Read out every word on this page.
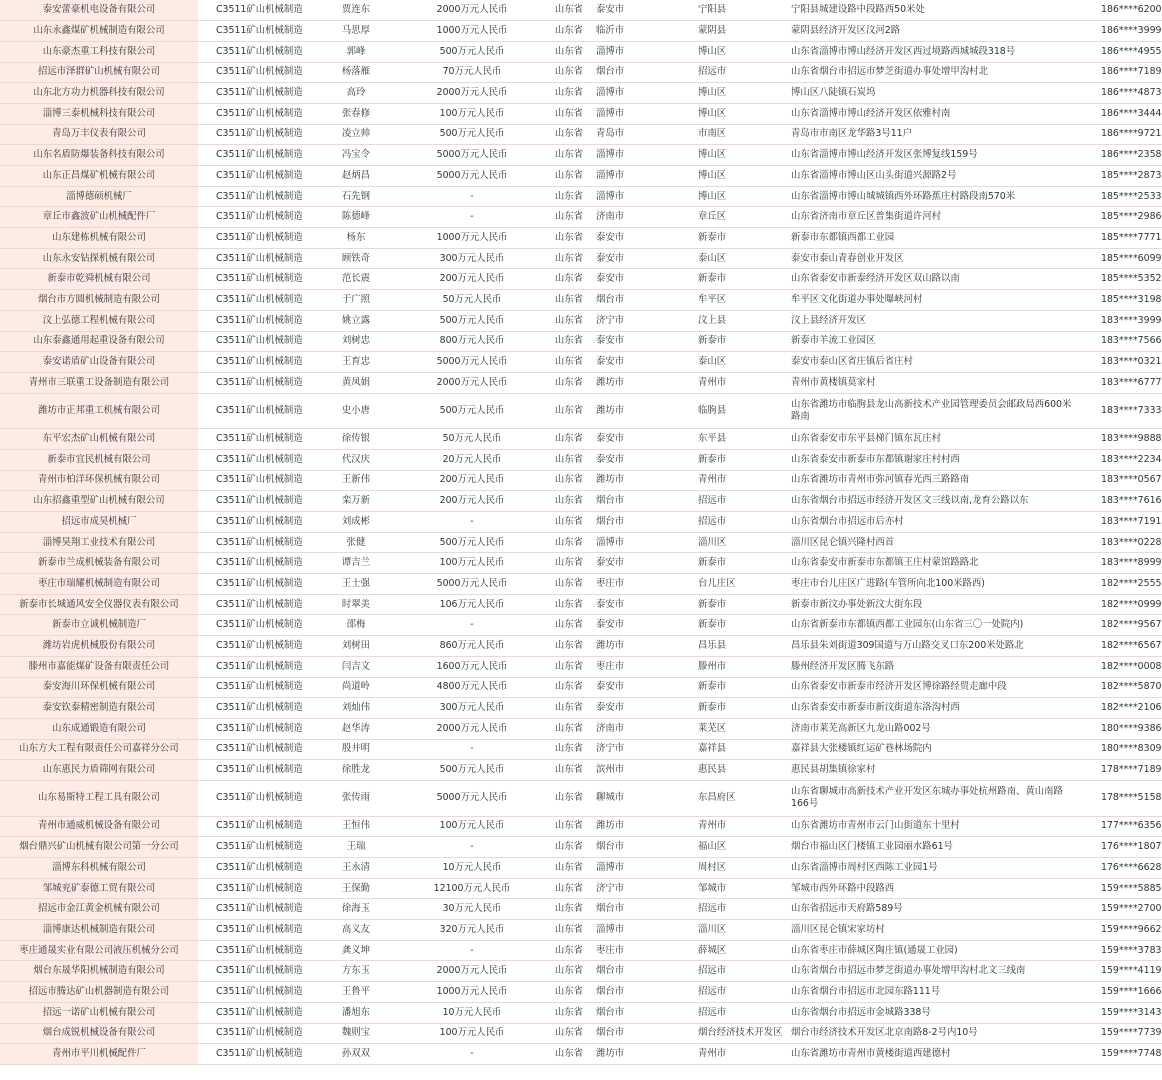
泰安蕾豪机电设备有限公司	C3511矿山机械制造	贾连东	2000万元人民币	山东省	泰安市	宁阳县	宁阳县城建设路中段路西50米处	186****6200
山东永鑫煤矿机械制造有限公司	C3511矿山机械制造	马思厚	1000万元人民币	山东省	临沂市	蒙阴县	蒙阴县经济开发区汶河2路	186****3999
山东豪杰重工科技有限公司	C3511矿山机械制造	郭峰	500万元人民币	山东省	淄博市	博山区	山东省淄博市博山经济开发区西过境路西城城段318号	186****4955
招远市泽群矿山机械有限公司	C3511矿山机械制造	杨落雁	70万元人民币	山东省	烟台市	招远市	山东省烟台市招远市梦芝街道办事处增甲沟村北	186****7189
山东北方功力机器科技有限公司	C3511矿山机械制造	高玲	2000万元人民币	山东省	淄博市	博山区	博山区八陡镇石炭坞	186****4873
淄博三泰机械科技有限公司	C3511矿山机械制造	张春修	100万元人民币	山东省	淄博市	博山区	山东省淄博市博山经济开发区依雅村南	186****3444
青岛万丰仪表有限公司	C3511矿山机械制造	凌立帅	500万元人民币	山东省	青岛市	市南区	青岛市市南区龙华路3号11户	186****9721
山东名盾防爆装备科技有限公司	C3511矿山机械制造	冯宝令	5000万元人民币	山东省	淄博市	博山区	山东省淄博市博山经济开发区张博复线159号	186****2358
山东正昌煤矿机械有限公司	C3511矿山机械制造	赵炳昌	5000万元人民币	山东省	淄博市	博山区	山东省淄博市博山区山头街道兴源路2号	185****2873
淄博德硕机械厂	C3511矿山机械制造	石先钢	-	山东省	淄博市	博山区	山东省淄博市博山城城镇西外环路蕉庄村路段南570米	185****2533
章丘市鑫波矿山机械配件厂	C3511矿山机械制造	陈德峰	-	山东省	济南市	章丘区	山东省济南市章丘区普集街道许河村	185****2986
山东建栋机械有限公司	C3511矿山机械制造	杨东	1000万元人民币	山东省	泰安市	新泰市	新泰市东都镇西都工业园	185****7771
山东永安钻探机械有限公司	C3511矿山机械制造	顾铁奇	300万元人民币	山东省	泰安市	泰山区	泰安市泰山青春创业开发区	185****6099
新泰市乾舜机械有限公司	C3511矿山机械制造	范长震	200万元人民币	山东省	泰安市	新泰市	山东省泰安市新泰经济开发区双山路以南	185****5352
烟台市方圆机械制造有限公司	C3511矿山机械制造	于广照	50万元人民币	山东省	烟台市	牟平区	牟平区文化街道办事处曝峡河村	185****3198
汶上弘德工程机械有限公司	C3511矿山机械制造	姚立露	500万元人民币	山东省	济宁市	汶上县	汶上县经济开发区	183****3999
山东泰鑫通用起重设备有限公司	C3511矿山机械制造	刘树忠	800万元人民币	山东省	泰安市	新泰市	新泰市羊流工业园区	183****7566
泰安诺盾矿山设备有限公司	C3511矿山机械制造	王育忠	5000万元人民币	山东省	泰安市	泰山区	泰安市泰山区省庄镇后省庄村	183****0321
青州市三联重工设备制造有限公司	C3511矿山机械制造	黄凤娟	2000万元人民币	山东省	潍坊市	青州市	青州市黄楼镇莫家村	183****6777
潍坊市正邦重工机械有限公司	C3511矿山机械制造	史小唐	500万元人民币	山东省	潍坊市	临朐县	山东省潍坊市临朐县龙山高新技术产业园管理委员会邮政局西600米路南	183****7333
东平宏杰矿山机械有限公司	C3511矿山机械制造	徐传银	50万元人民币	山东省	泰安市	东平县	山东省泰安市东平县梯门镇东瓦庄村	183****9888
新泰市宜民机械有限公司	C3511矿山机械制造	代汉庆	20万元人民币	山东省	泰安市	新泰市	山东省泰安市新泰市东都镇谢家庄村村西	183****2234
青州市柏洋环保机械有限公司	C3511矿山机械制造	王新伟	200万元人民币	山东省	潍坊市	青州市	山东省潍坊市青州市弥河镇春光西三路路南	183****0567
山东招鑫重型矿山机械有限公司	C3511矿山机械制造	栾万新	200万元人民币	山东省	烟台市	招远市	山东省烟台市招远市经济开发区文三线以南,龙育公路以东	183****7616
招远市成昊机械厂	C3511矿山机械制造	刘成彬	-	山东省	烟台市	招远市	山东省烟台市招远市后亦村	183****7191
淄博昊翔工业技术有限公司	C3511矿山机械制造	张健	500万元人民币	山东省	淄博市	淄川区	淄川区昆仑镇兴隆村西首	183****0228
新泰市兰成机械装备有限公司	C3511矿山机械制造	谭吉兰	100万元人民币	山东省	泰安市	新泰市	山东省泰安市新泰市东都镇王庄村蒙馆路路北	183****8999
枣庄市瑞耀机械制造有限公司	C3511矿山机械制造	王士强	5000万元人民币	山东省	枣庄市	台儿庄区	枣庄市台儿庄区广进路(车管所向北100米路西)	182****2555
新泰市长城通风安全仪器仪表有限公司	C3511矿山机械制造	时翠美	106万元人民币	山东省	泰安市	新泰市	新泰市新汶办事处新汶大街东段	182****0999
新泰市立诚机械制造厂	C3511矿山机械制造	邵梅	-	山东省	泰安市	新泰市	山东省新泰市东都镇西都工业园东(山东省三〇一处院内)	182****9567
潍坊岩虎机械股份有限公司	C3511矿山机械制造	刘树田	860万元人民币	山东省	潍坊市	昌乐县	昌乐县朱刘街道309国道与万山路交叉口东200米处路北	182****6567
滕州市嘉能煤矿设备有限责任公司	C3511矿山机械制造	闫吉文	1600万元人民币	山东省	枣庄市	滕州市	滕州经济开发区腾飞东路	182****0008
泰安海川环保机械有限公司	C3511矿山机械制造	尚道岭	4800万元人民币	山东省	泰安市	新泰市	山东省泰安市新泰市经济开发区博徐路经贸走廊中段	182****5870
泰安钦泰精密制造有限公司	C3511矿山机械制造	刘灿伟	300万元人民币	山东省	泰安市	新泰市	山东省泰安市新泰市新汶街道东洛沟村西	182****2106
山东成通锻造有限公司	C3511矿山机械制造	赵华涛	2000万元人民币	山东省	济南市	莱芜区	济南市莱芜高新区九龙山路002号	180****9386
山东方大工程有限责任公司嘉祥分公司	C3511矿山机械制造	殷井明	-	山东省	济宁市	嘉祥县	嘉祥县大张楼镇红运矿巷林场院内	180****8309
山东惠民力盾筛网有限公司	C3511矿山机械制造	徐胜龙	500万元人民币	山东省	滨州市	惠民县	惠民县胡集镇徐家村	178****7189
山东易斯特工程工具有限公司	C3511矿山机械制造	张传雨	5000万元人民币	山东省	聊城市	东昌府区	山东省聊城市高新技术产业开发区东城办事处杭州路南、黄山南路166号	178****5158
青州市通威机械设备有限公司	C3511矿山机械制造	王恒伟	100万元人民币	山东省	潍坊市	青州市	山东省潍坊市青州市云门山街道东十里村	177****6356
烟台鼎兴矿山机械有限公司第一分公司	C3511矿山机械制造	王瑞	-	山东省	烟台市	福山区	烟台市福山区门楼镇工业园丽水路61号	176****1807
淄博东科机械有限公司	C3511矿山机械制造	王永清	10万元人民币	山东省	淄博市	周村区	山东省淄博市周村区西陈工业园1号	176****6628
邹城兖矿泰德工贸有限公司	C3511矿山机械制造	王保勤	12100万元人民币	山东省	济宁市	邹城市	邹城市西外环路中段路西	159****5885
招远市金江黄金机械有限公司	C3511矿山机械制造	徐海玉	30万元人民币	山东省	烟台市	招远市	山东省招远市天府路589号	159****2700
淄博康达机械制造有限公司	C3511矿山机械制造	高义友	320万元人民币	山东省	淄博市	淄川区	淄川区昆仑镇宋家坊村	159****9662
枣庄通晟实业有限公司液压机械分公司	C3511矿山机械制造	龚义坤	-	山东省	枣庄市	薛城区	山东省枣庄市薛城区陶庄镇(通晟工业园)	159****3783
烟台东晟华阳机械制造有限公司	C3511矿山机械制造	方东玉	2000万元人民币	山东省	烟台市	招远市	山东省烟台市招远市梦芝街道办事处增甲沟村北文三线南	159****4119
招远市腾达矿山机器制造有限公司	C3511矿山机械制造	王鲁平	1000万元人民币	山东省	烟台市	招远市	山东省烟台市招远市北园东路111号	159****1666
招远一诺矿山机械有限公司	C3511矿山机械制造	潘旭东	10万元人民币	山东省	烟台市	招远市	山东省烟台市招远市金城路338号	159****3143
烟台成锐机械设备有限公司	C3511矿山机械制造	魏则宝	100万元人民币	山东省	烟台市	烟台经济技术开发区	烟台市经济技术开发区北京南路8-2号内10号	159****7739
青州市平川机械配件厂	C3511矿山机械制造	孙双双	-	山东省	潍坊市	青州市	山东省潍坊市青州市黄楼街道西建德村	159****7748
